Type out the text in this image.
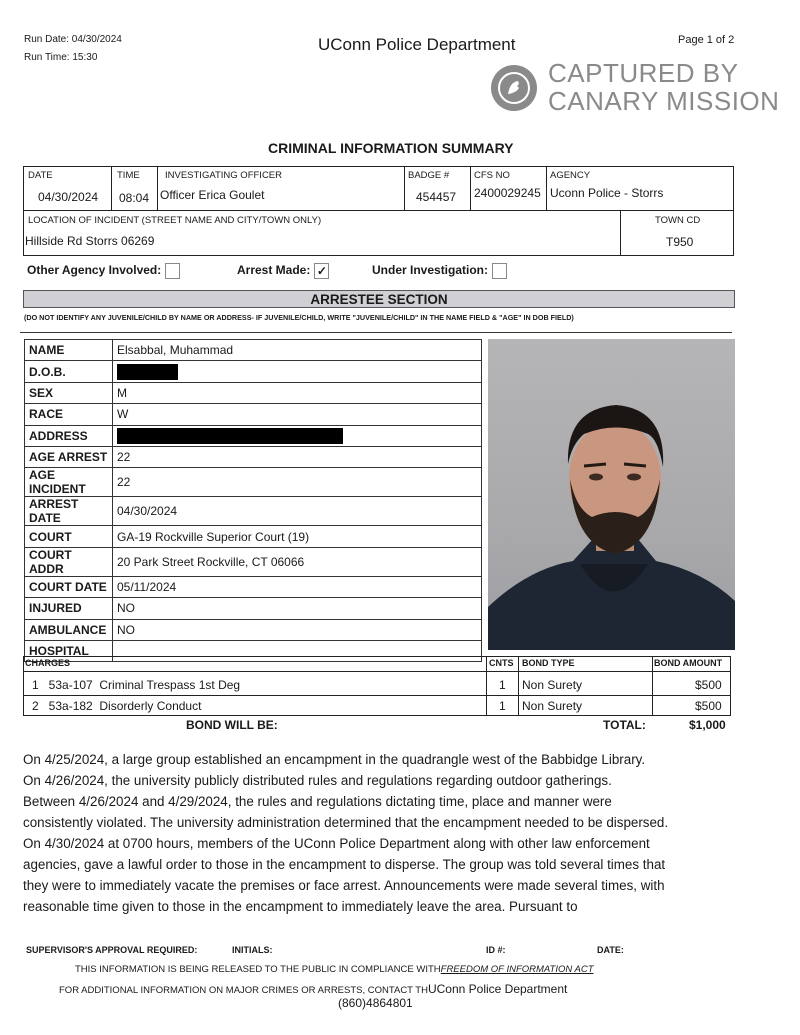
Run Date: 04/30/2024
Run Time: 15:30
UConn Police Department	Page 1 of 2
CAPTURED BY
CANARY MISSION
CRIMINAL INFORMATION SUMMARY
DATE
04/30/2024
TIME
08:04
INVESTIGATING OFFICER
Officer Erica Goulet
BADGE #
454457
CFS NO
2400029245
AGENCY
Uconn Police - Storrs
LOCATION OF INCIDENT (STREET NAME AND CITY/TOWN ONLY)
Hillside Rd Storrs 06269
TOWN CD
T950
Other Agency Involved:	Arrest Made: ✓	Under Investigation:
ARRESTEE SECTION
(DO NOT IDENTIFY ANY JUVENILE/CHILD BY NAME OR ADDRESS- IF JUVENILE/CHILD, WRITE "JUVENILE/CHILD" IN THE NAME FIELD & "AGE" IN DOB FIELD)
NAME	Elsabbal, Muhammad
D.O.B.	
SEX	M
RACE	W
ADDRESS	
AGE ARREST	22
AGE INCIDENT	22
ARREST DATE	04/30/2024
COURT	GA-19 Rockville Superior Court (19)
COURT ADDR	20 Park Street Rockville, CT 06066
COURT DATE	05/11/2024
INJURED	NO
AMBULANCE	NO
HOSPITAL	
CHARGES	CNTS BOND TYPE	BOND AMOUNT
1   53a-107  Criminal Trespass 1st Deg	1 Non Surety	$500
2   53a-182  Disorderly Conduct	1 Non Surety	$500
BOND WILL BE:	TOTAL:	$1,000

On 4/25/2024, a large group established an encampment in the quadrangle west of the Babbidge Library.

On 4/26/2024, the university publicly distributed rules and regulations regarding outdoor gatherings.

Between 4/26/2024 and 4/29/2024, the rules and regulations dictating time, place and manner were consistently violated. The university administration determined that the encampment needed to be dispersed.

On 4/30/2024 at 0700 hours, members of the UConn Police Department along with other law enforcement agencies, gave a lawful order to those in the encampment to disperse. The group was told several times that they were to immediately vacate the premises or face arrest. Announcements were made several times, with reasonable time given to those in the encampment to immediately leave the area. Pursuant to

SUPERVISOR'S APPROVAL REQUIRED:	INITIALS:	ID #:	DATE:
THIS INFORMATION IS BEING RELEASED TO THE PUBLIC IN COMPLIANCE WITHFREEDOM OF INFORMATION ACT
FOR ADDITIONAL INFORMATION ON MAJOR CRIMES OR ARRESTS, CONTACT THUConn Police Department
(860)4864801
